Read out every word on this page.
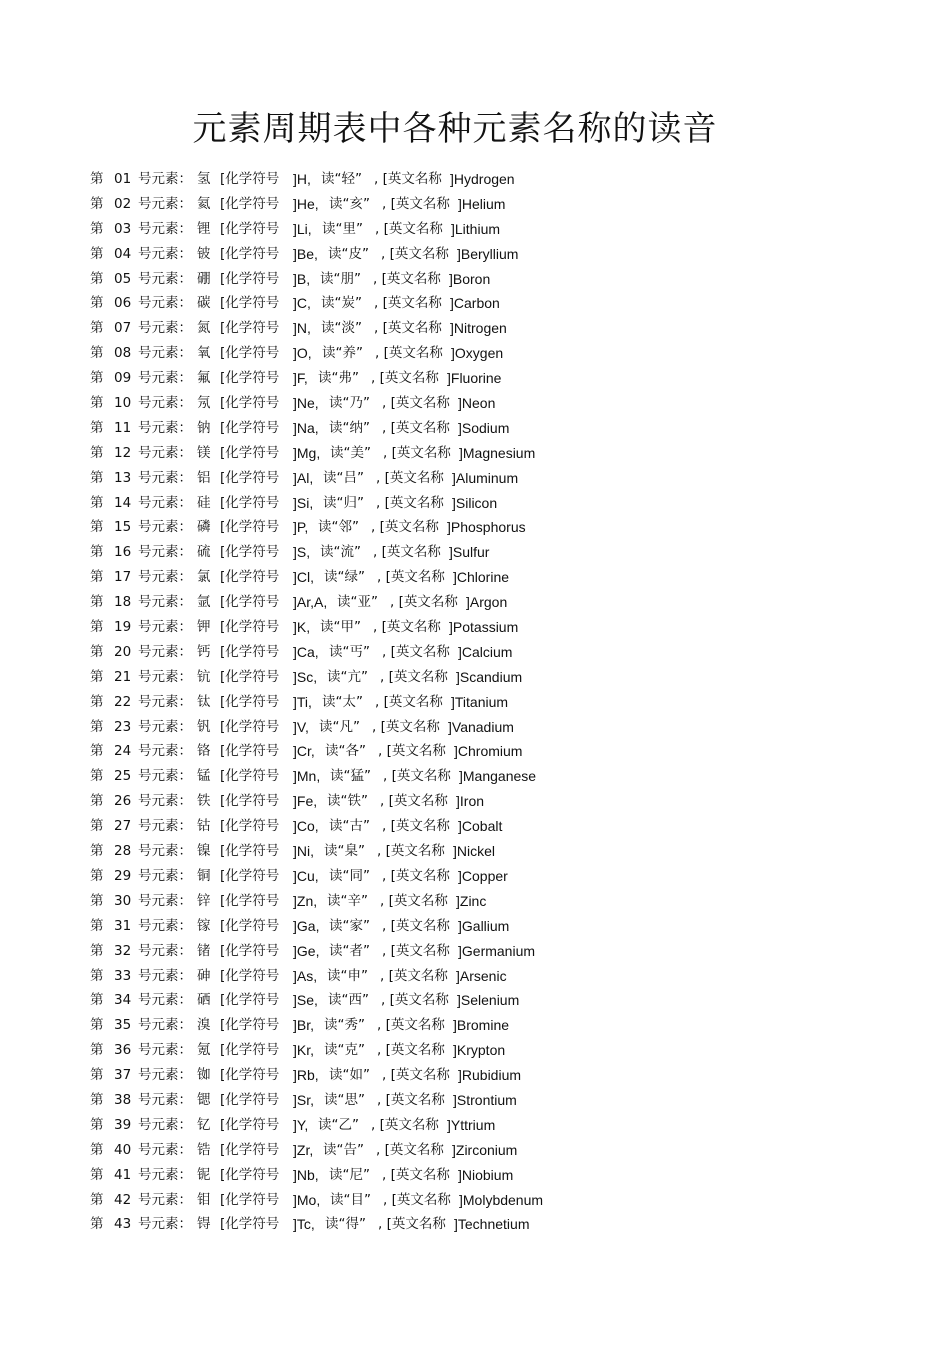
元素周期表中各种元素名称的读音
第 01 号元素： 氢 [化学符号 ]H, 读“轻” , [英文名称 ]Hydrogen
第 02 号元素： 氦 [化学符号 ]He, 读“亥” , [英文名称 ]Helium
第 03 号元素： 锂 [化学符号 ]Li, 读“里” , [英文名称 ]Lithium
第 04 号元素： 铍 [化学符号 ]Be, 读“皮” , [英文名称 ]Beryllium
第 05 号元素： 硼 [化学符号 ]B, 读“朋” , [英文名称 ]Boron
第 06 号元素： 碳 [化学符号 ]C, 读“炭” , [英文名称 ]Carbon
第 07 号元素： 氮 [化学符号 ]N, 读“淡” , [英文名称 ]Nitrogen
第 08 号元素： 氧 [化学符号 ]O, 读“养” , [英文名称 ]Oxygen
第 09 号元素： 氟 [化学符号 ]F, 读“弗” , [英文名称 ]Fluorine
第 10 号元素： 氖 [化学符号 ]Ne, 读“乃” , [英文名称 ]Neon
第 11 号元素： 钠 [化学符号 ]Na, 读“纳” , [英文名称 ]Sodium
第 12 号元素： 镁 [化学符号 ]Mg, 读“美” , [英文名称 ]Magnesium
第 13 号元素： 铝 [化学符号 ]Al, 读“吕” , [英文名称 ]Aluminum
第 14 号元素： 硅 [化学符号 ]Si, 读“归” , [英文名称 ]Silicon
第 15 号元素： 磷 [化学符号 ]P, 读“邻” , [英文名称 ]Phosphorus
第 16 号元素： 硫 [化学符号 ]S, 读“流” , [英文名称 ]Sulfur
第 17 号元素： 氯 [化学符号 ]Cl, 读“绿” , [英文名称 ]Chlorine
第 18 号元素： 氩 [化学符号 ]Ar,A, 读“亚” , [英文名称 ]Argon
第 19 号元素： 钾 [化学符号 ]K, 读“甲” , [英文名称 ]Potassium
第 20 号元素： 钙 [化学符号 ]Ca, 读“丐” , [英文名称 ]Calcium
第 21 号元素： 钪 [化学符号 ]Sc, 读“亢” , [英文名称 ]Scandium
第 22 号元素： 钛 [化学符号 ]Ti, 读“太” , [英文名称 ]Titanium
第 23 号元素： 钒 [化学符号 ]V, 读“凡” , [英文名称 ]Vanadium
第 24 号元素： 铬 [化学符号 ]Cr, 读“各” , [英文名称 ]Chromium
第 25 号元素： 锰 [化学符号 ]Mn, 读“猛” , [英文名称 ]Manganese
第 26 号元素： 铁 [化学符号 ]Fe, 读“铁” , [英文名称 ]Iron
第 27 号元素： 钴 [化学符号 ]Co, 读“古” , [英文名称 ]Cobalt
第 28 号元素： 镍 [化学符号 ]Ni, 读“臬” , [英文名称 ]Nickel
第 29 号元素： 铜 [化学符号 ]Cu, 读“同” , [英文名称 ]Copper
第 30 号元素： 锌 [化学符号 ]Zn, 读“辛” , [英文名称 ]Zinc
第 31 号元素： 镓 [化学符号 ]Ga, 读“家” , [英文名称 ]Gallium
第 32 号元素： 锗 [化学符号 ]Ge, 读“者” , [英文名称 ]Germanium
第 33 号元素： 砷 [化学符号 ]As, 读“申” , [英文名称 ]Arsenic
第 34 号元素： 硒 [化学符号 ]Se, 读“西” , [英文名称 ]Selenium
第 35 号元素： 溴 [化学符号 ]Br, 读“秀” , [英文名称 ]Bromine
第 36 号元素： 氪 [化学符号 ]Kr, 读“克” , [英文名称 ]Krypton
第 37 号元素： 铷 [化学符号 ]Rb, 读“如” , [英文名称 ]Rubidium
第 38 号元素： 锶 [化学符号 ]Sr, 读“思” , [英文名称 ]Strontium
第 39 号元素： 钇 [化学符号 ]Y, 读“乙” , [英文名称 ]Yttrium
第 40 号元素： 锆 [化学符号 ]Zr, 读“告” , [英文名称 ]Zirconium
第 41 号元素： 铌 [化学符号 ]Nb, 读“尼” , [英文名称 ]Niobium
第 42 号元素： 钼 [化学符号 ]Mo, 读“目” , [英文名称 ]Molybdenum
第 43 号元素： 锝 [化学符号 ]Tc, 读“得” , [英文名称 ]Technetium
